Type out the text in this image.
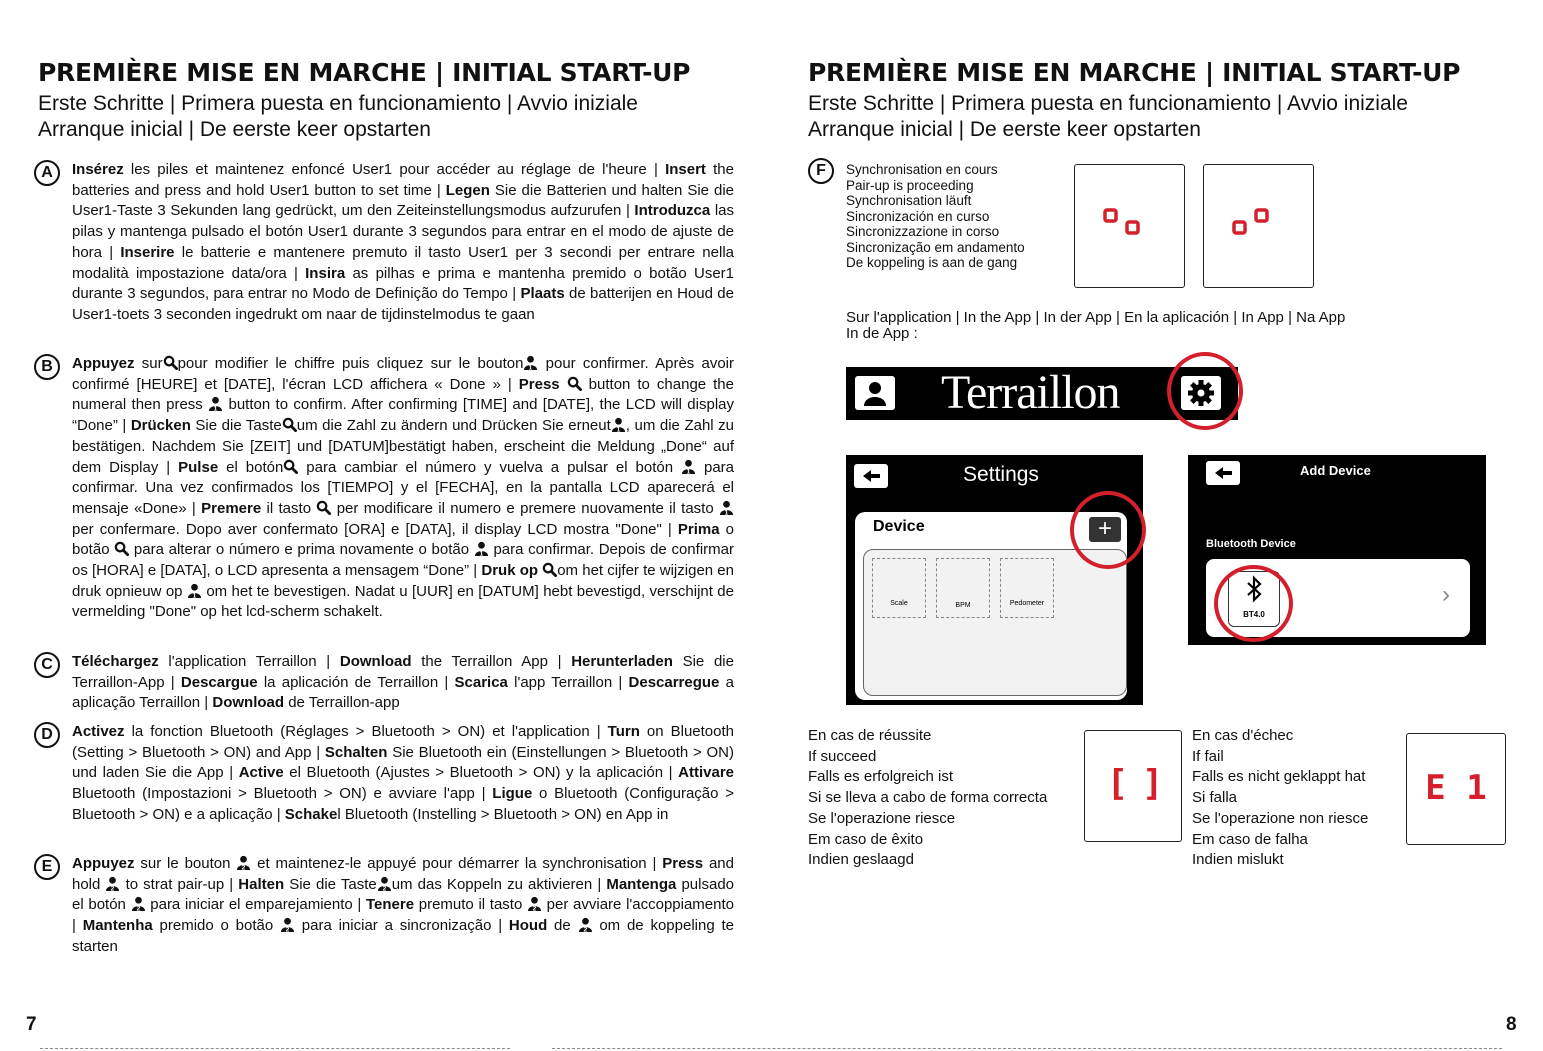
PREMIÈRE MISE EN MARCHE | INITIAL START-UP
Erste Schritte | Primera puesta en funcionamiento | Avvio iniziale
Arranque inicial | De eerste keer opstarten
A	Insérez les piles et maintenez enfoncé User1 pour accéder au réglage de l'heure | Insert the batteries and press and hold User1 button to set time | Legen Sie die Batterien und halten Sie die User1-Taste 3 Sekunden lang gedrückt, um den Zeiteinstellungsmodus aufzurufen | Introduzca las pilas y mantenga pulsado el botón User1 durante 3 segundos para entrar en el modo de ajuste de hora | Inserire le batterie e mantenere premuto il tasto User1 per 3 secondi per entrare nella modalità impostazione data/ora | Insira as pilhas e prima e mantenha premido o botão User1 durante 3 segundos, para entrar no Modo de Definição do Tempo | Plaats de batterijen en Houd de User1-toets 3 seconden ingedrukt om naar de tijdinstelmodus te gaan
B	Appuyez sur pour modifier le chiffre puis cliquez sur le bouton pour confirmer. Après avoir confirmé [HEURE] et [DATE], l'écran LCD affichera « Done » | Press  button to change the numeral then press  button to confirm. After confirming [TIME] and [DATE], the LCD will display “Done” | Drücken Sie die Taste um die Zahl zu ändern und Drücken Sie erneut , um die Zahl zu bestätigen. Nachdem Sie [ZEIT] und [DATUM]bestätigt haben, erscheint die Meldung „Done“ auf dem Display | Pulse el botón para cambiar el número y vuelva a pulsar el botón  para confirmar. Una vez confirmados los [TIEMPO] y el [FECHA], en la pantalla LCD aparecerá el mensaje «Done» | Premere il tasto  per modificare il numero e premere nuovamente il tasto  per confermare. Dopo aver confermato [ORA] e [DATA], il display LCD mostra "Done" | Prima o botão  para alterar o número e prima novamente o botão  para confirmar. Depois de confirmar os [HORA] e [DATA], o LCD apresenta a mensagem “Done” | Druk op om het cijfer te wijzigen en druk opnieuw op  om het te bevestigen. Nadat u [UUR] en [DATUM] hebt bevestigd, verschijnt de vermelding "Done" op het lcd-scherm schakelt.
C	Téléchargez l'application Terraillon | Download the Terraillon App | Herunterladen Sie die Terraillon-App | Descargue la aplicación de Terraillon | Scarica l'app Terraillon | Descarregue a aplicação Terraillon | Download de Terraillon-app
D	Activez la fonction Bluetooth (Réglages > Bluetooth > ON) et l'application | Turn on Bluetooth (Setting > Bluetooth > ON) and App | Schalten Sie Bluetooth ein (Einstellungen > Bluetooth > ON) und laden Sie die App | Active el Bluetooth (Ajustes > Bluetooth > ON) y la aplicación | Attivare Bluetooth (Impostazioni > Bluetooth > ON) e avviare l'app | Ligue o Bluetooth (Configuração > Bluetooth > ON) e a aplicação | Schakel Bluetooth (Instelling > Bluetooth > ON) en App in
E	Appuyez sur le bouton  et maintenez-le appuyé pour démarrer la synchronisation | Press and hold  to strat pair-up | Halten Sie die Taste um das Koppeln zu aktivieren | Mantenga pulsado el botón  para iniciar el emparejamiento | Tenere premuto il tasto  per avviare l'accoppiamento | Mantenha premido o botão  para iniciar a sincronização | Houd de  om de koppeling te starten
7	8
PREMIÈRE MISE EN MARCHE | INITIAL START-UP
Erste Schritte | Primera puesta en funcionamiento | Avvio iniziale
Arranque inicial | De eerste keer opstarten
F	Synchronisation en cours
Pair-up is proceeding
Synchronisation läuft
Sincronización en curso
Sincronizzazione in corso
Sincronização em andamento
De koppeling is aan de gang
Sur l'application | In the App | In der App | En la aplicación | In App | Na App
In de App :
Terraillon
Settings
Device	+
Scale	BPM	Pedometer
Add Device
Bluetooth Device
BT4.0
›
En cas de réussite
If succeed
Falls es erfolgreich ist
Si se lleva a cabo de forma correcta
Se l'operazione riesce
Em caso de êxito
Indien geslaagd
[ ]
En cas d'échec
If fail
Falls es nicht geklappt hat
Si falla
Se l'operazione non riesce
Em caso de falha
Indien mislukt
E 1
